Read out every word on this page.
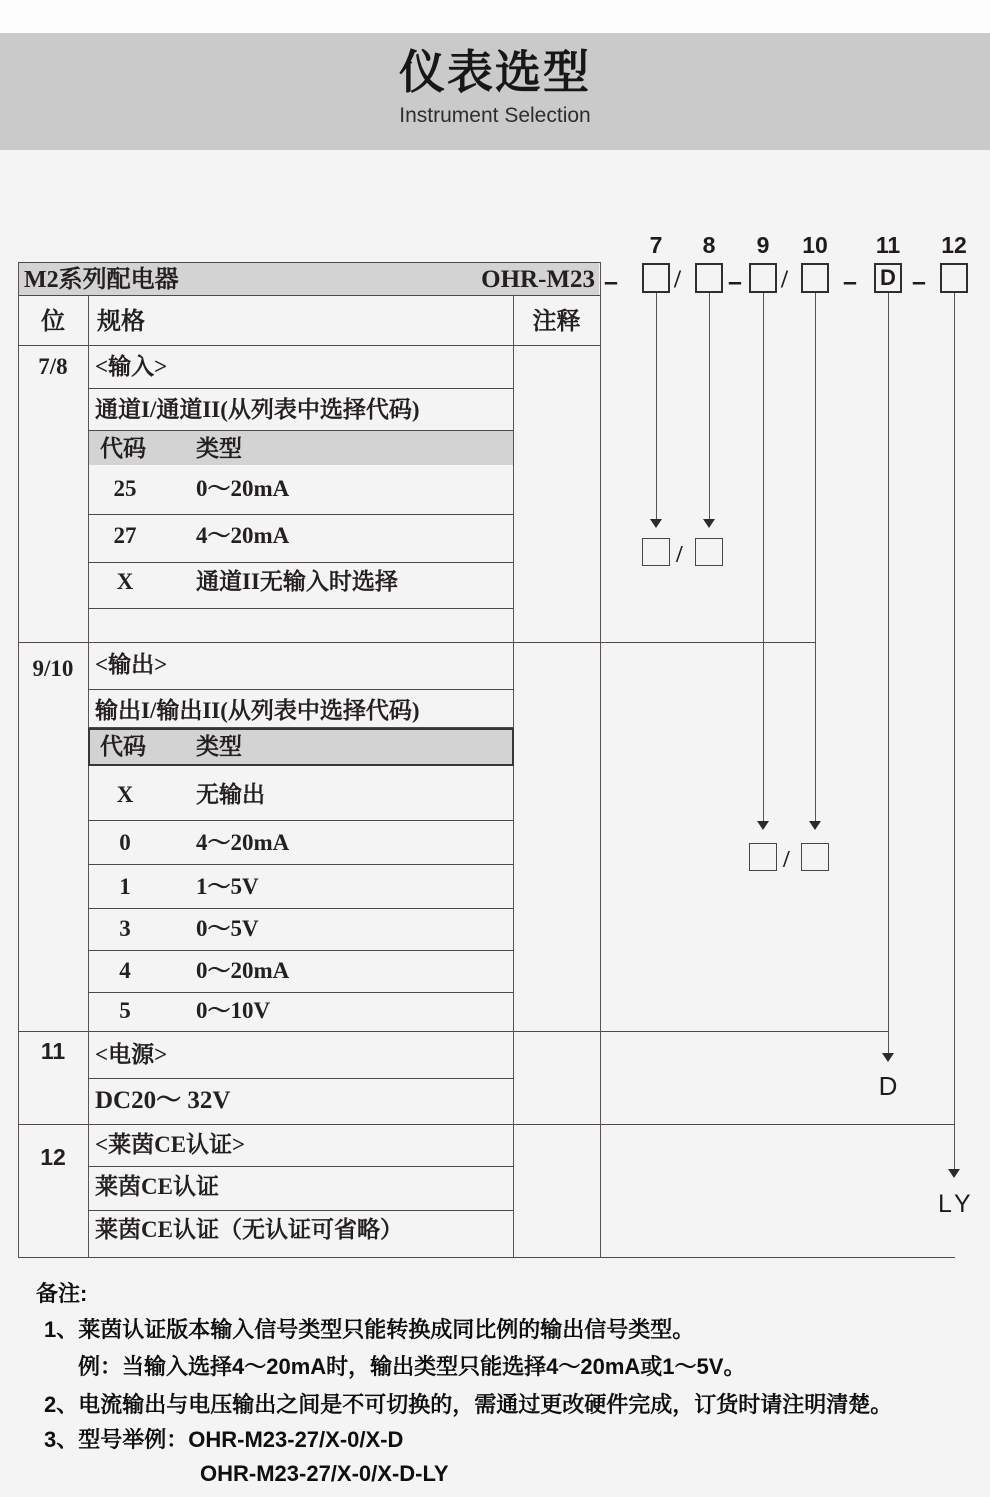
仪表选型
Instrument Selection
M2系列配电器	OHR-M23
位	规格	注释
7/8	<输入>
通道I/通道II(从列表中选择代码)
代码 类型
25	0～20mA
27	4～20mA
X	通道II无输入时选择
9/10 <输出>
输出I/输出II(从列表中选择代码)
代码 类型
X	无输出
0	4～20mA
1	1～5V
3	0～5V
4	0～20mA
5	0～10V
11	<电源>
DC20～ 32V
12	<莱茵CE认证>
莱茵CE认证
莱茵CE认证（无认证可省略）
7	8	9	10	11	12
– / – / – –
D
/
/
D
LY
备注:
1、莱茵认证版本输入信号类型只能转换成同比例的输出信号类型。
例：当输入选择4～20mA时，输出类型只能选择4～20mA或1～5V。
2、电流输出与电压输出之间是不可切换的，需通过更改硬件完成，订货时请注明清楚。
3、型号举例：OHR-M23-27/X-0/X-D
OHR-M23-27/X-0/X-D-LY
